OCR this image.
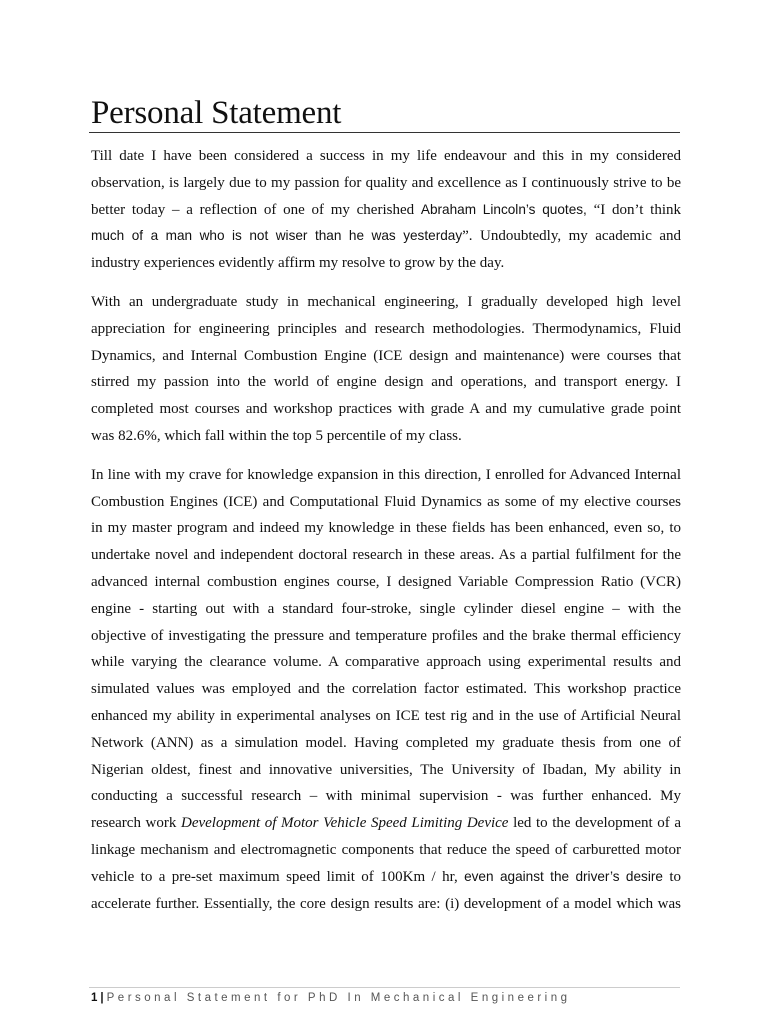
Personal Statement

Till date I have been considered a success in my life endeavour and this in my considered
observation, is largely due to my passion for quality and excellence as I continuously strive to be
better today – a reflection of one of my cherished Abraham Lincoln’s quotes, “I don’t think
much of a man who is not wiser than he was yesterday”. Undoubtedly, my academic and
industry experiences evidently affirm my resolve to grow by the day.

With an undergraduate study in mechanical engineering, I gradually developed high level
appreciation for engineering principles and research methodologies. Thermodynamics, Fluid
Dynamics, and Internal Combustion Engine (ICE design and maintenance) were courses that
stirred my passion into the world of engine design and operations, and transport energy. I
completed most courses and workshop practices with grade A and my cumulative grade point
was 82.6%, which fall within the top 5 percentile of my class.

In line with my crave for knowledge expansion in this direction, I enrolled for Advanced Internal
Combustion Engines (ICE) and Computational Fluid Dynamics as some of my elective courses
in my master program and indeed my knowledge in these fields has been enhanced, even so, to
undertake novel and independent doctoral research in these areas. As a partial fulfilment for the
advanced internal combustion engines course, I designed Variable Compression Ratio (VCR)
engine - starting out with a standard four-stroke, single cylinder diesel engine – with the
objective of investigating the pressure and temperature profiles and the brake thermal efficiency
while varying the clearance volume. A comparative approach using experimental results and
simulated values was employed and the correlation factor estimated. This workshop practice
enhanced my ability in experimental analyses on ICE test rig and in the use of Artificial Neural
Network (ANN) as a simulation model. Having completed my graduate thesis from one of
Nigerian oldest, finest and innovative universities, The University of Ibadan, My ability in
conducting a successful research – with minimal supervision - was further enhanced. My
research work Development of Motor Vehicle Speed Limiting Device led to the development of a
linkage mechanism and electromagnetic components that reduce the speed of carburetted motor
vehicle to a pre-set maximum speed limit of 100Km / hr, even against the driver’s desire to
accelerate further. Essentially, the core design results are: (i) development of a model which was

1 | Personal Statement for PhD In Mechanical Engineering
